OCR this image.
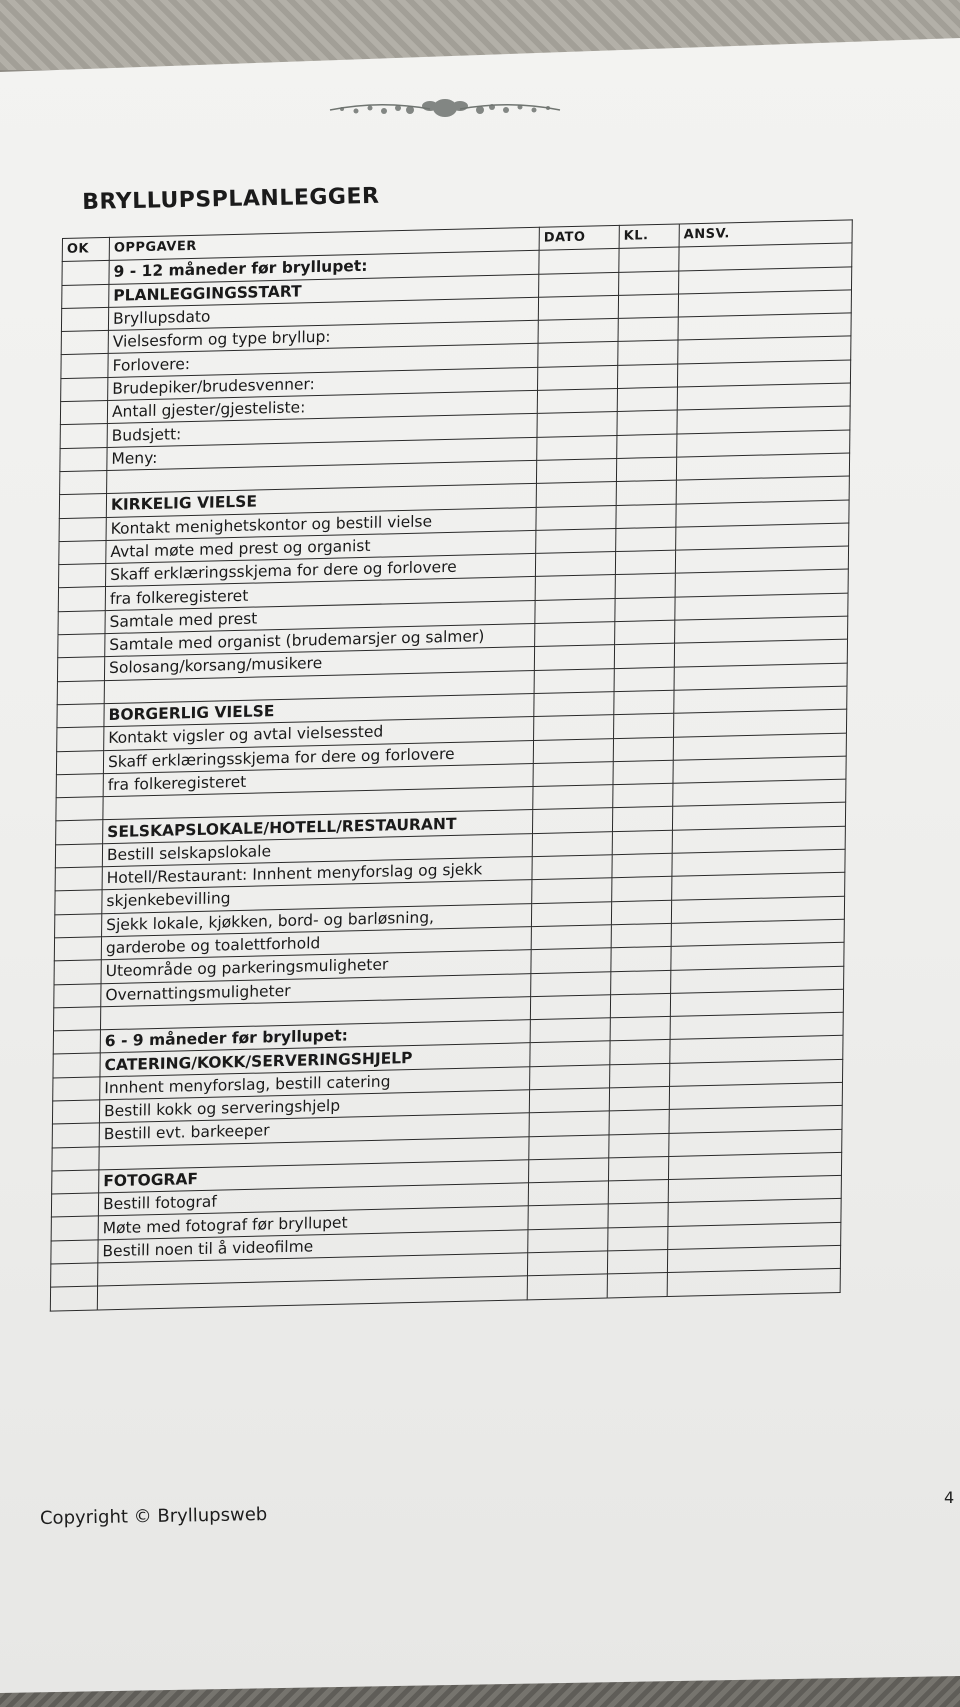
BRYLLUPSPLANLEGGER
OK	OPPGAVER	DATO	KL.	ANSV.
	9 - 12 måneder før bryllupet:			
	PLANLEGGINGSSTART			
	Bryllupsdato			
	Vielsesform og type bryllup:			
	Forlovere:			
	Brudepiker/brudesvenner:			
	Antall gjester/gjesteliste:			
	Budsjett:			
	Meny:			

	KIRKELIG VIELSE			
	Kontakt menighetskontor og bestill vielse			
	Avtal møte med prest og organist			
	Skaff erklæringsskjema for dere og forlovere			
	fra folkeregisteret			
	Samtale med prest			
	Samtale med organist (brudemarsjer og salmer)			
	Solosang/korsang/musikere			

	BORGERLIG VIELSE			
	Kontakt vigsler og avtal vielsessted			
	Skaff erklæringsskjema for dere og forlovere			
	fra folkeregisteret			

	SELSKAPSLOKALE/HOTELL/RESTAURANT			
	Bestill selskapslokale			
	Hotell/Restaurant: Innhent menyforslag og sjekk			
	skjenkebevilling			
	Sjekk lokale, kjøkken, bord- og barløsning,			
	garderobe og toalettforhold			
	Uteområde og parkeringsmuligheter			
	Overnattingsmuligheter			

	6 - 9 måneder før bryllupet:			
	CATERING/KOKK/SERVERINGSHJELP			
	Innhent menyforslag, bestill catering			
	Bestill kokk og serveringshjelp			
	Bestill evt. barkeeper			

	FOTOGRAF			
	Bestill fotograf			
	Møte med fotograf før bryllupet			
	Bestill noen til å videofilme			

Copyright © Bryllupsweb
4
